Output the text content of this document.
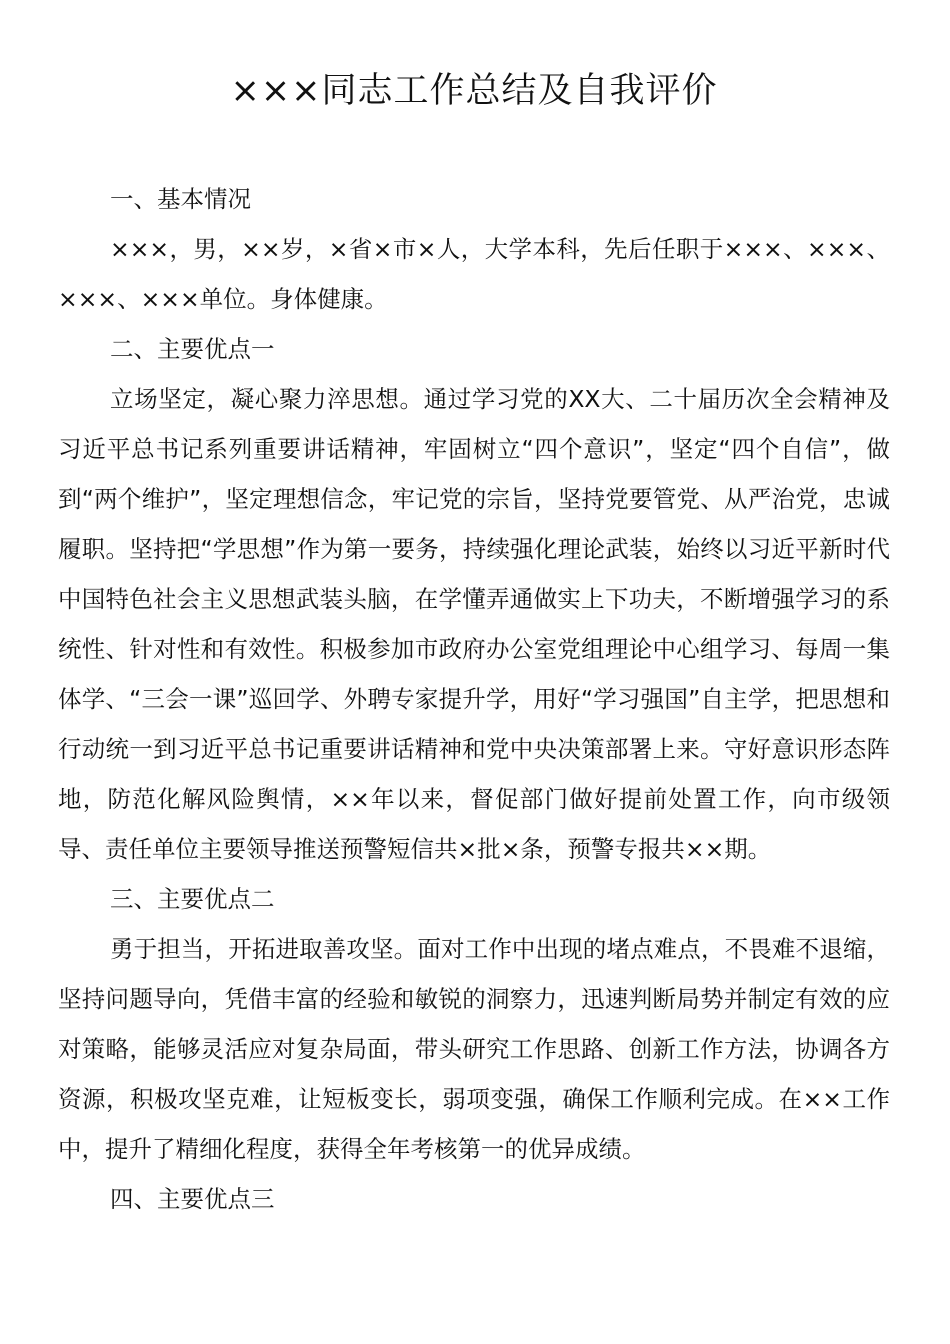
×××同志工作总结及自我评价

一、基本情况

×××，男，××岁，×省×市×人，大学本科，先后任职于×××、×××、×××、×××单位。身体健康。

二、主要优点一

立场坚定，凝心聚力淬思想。通过学习党的XX大、二十届历次全会精神及习近平总书记系列重要讲话精神，牢固树立“四个意识”，坚定“四个自信”，做到“两个维护”，坚定理想信念，牢记党的宗旨，坚持党要管党、从严治党，忠诚履职。坚持把“学思想”作为第一要务，持续强化理论武装，始终以习近平新时代中国特色社会主义思想武装头脑，在学懂弄通做实上下功夫，不断增强学习的系统性、针对性和有效性。积极参加市政府办公室党组理论中心组学习、每周一集体学、“三会一课”巡回学、外聘专家提升学，用好“学习强国”自主学，把思想和行动统一到习近平总书记重要讲话精神和党中央决策部署上来。守好意识形态阵地，防范化解风险舆情，××年以来，督促部门做好提前处置工作，向市级领导、责任单位主要领导推送预警短信共×批×条，预警专报共××期。

三、主要优点二

勇于担当，开拓进取善攻坚。面对工作中出现的堵点难点，不畏难不退缩，坚持问题导向，凭借丰富的经验和敏锐的洞察力，迅速判断局势并制定有效的应对策略，能够灵活应对复杂局面，带头研究工作思路、创新工作方法，协调各方资源，积极攻坚克难，让短板变长，弱项变强，确保工作顺利完成。在××工作中，提升了精细化程度，获得全年考核第一的优异成绩。

四、主要优点三
